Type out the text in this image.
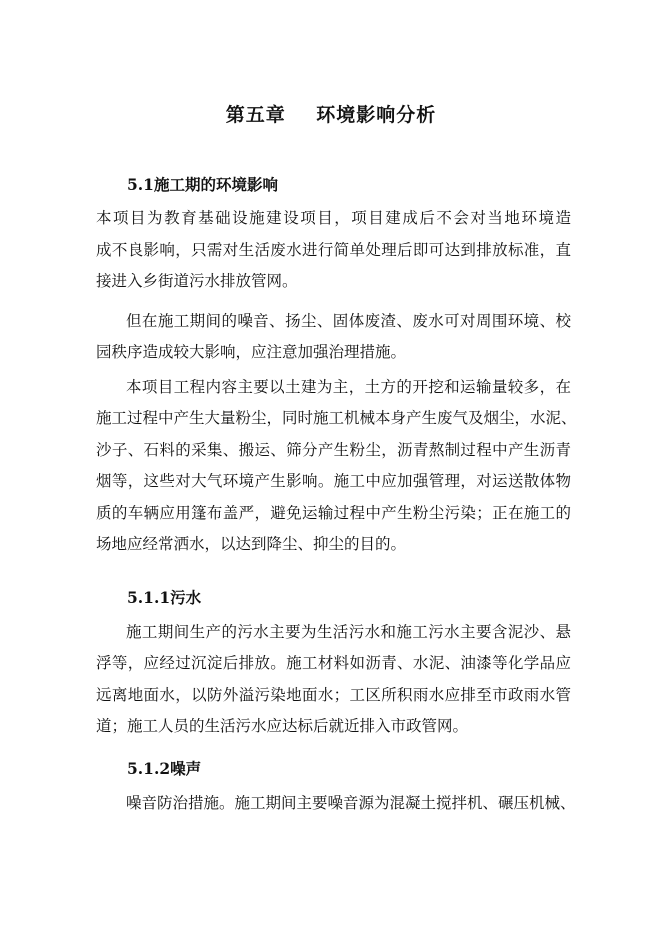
第五章    环境影响分析
5.1施工期的环境影响
本项目为教育基础设施建设项目，项目建成后不会对当地环境造
成不良影响，只需对生活废水进行简单处理后即可达到排放标准，直
接进入乡街道污水排放管网。
但在施工期间的噪音、扬尘、固体废渣、废水可对周围环境、校
园秩序造成较大影响，应注意加强治理措施。
本项目工程内容主要以土建为主，土方的开挖和运输量较多，在
施工过程中产生大量粉尘，同时施工机械本身产生废气及烟尘，水泥、
沙子、石料的采集、搬运、筛分产生粉尘，沥青熬制过程中产生沥青
烟等，这些对大气环境产生影响。施工中应加强管理，对运送散体物
质的车辆应用篷布盖严，避免运输过程中产生粉尘污染；正在施工的
场地应经常洒水，以达到降尘、抑尘的目的。
5.1.1污水
施工期间生产的污水主要为生活污水和施工污水主要含泥沙、悬
浮等，应经过沉淀后排放。施工材料如沥青、水泥、油漆等化学品应
远离地面水，以防外溢污染地面水；工区所积雨水应排至市政雨水管
道；施工人员的生活污水应达标后就近排入市政管网。
5.1.2噪声
噪音防治措施。施工期间主要噪音源为混凝土搅拌机、碾压机械、
